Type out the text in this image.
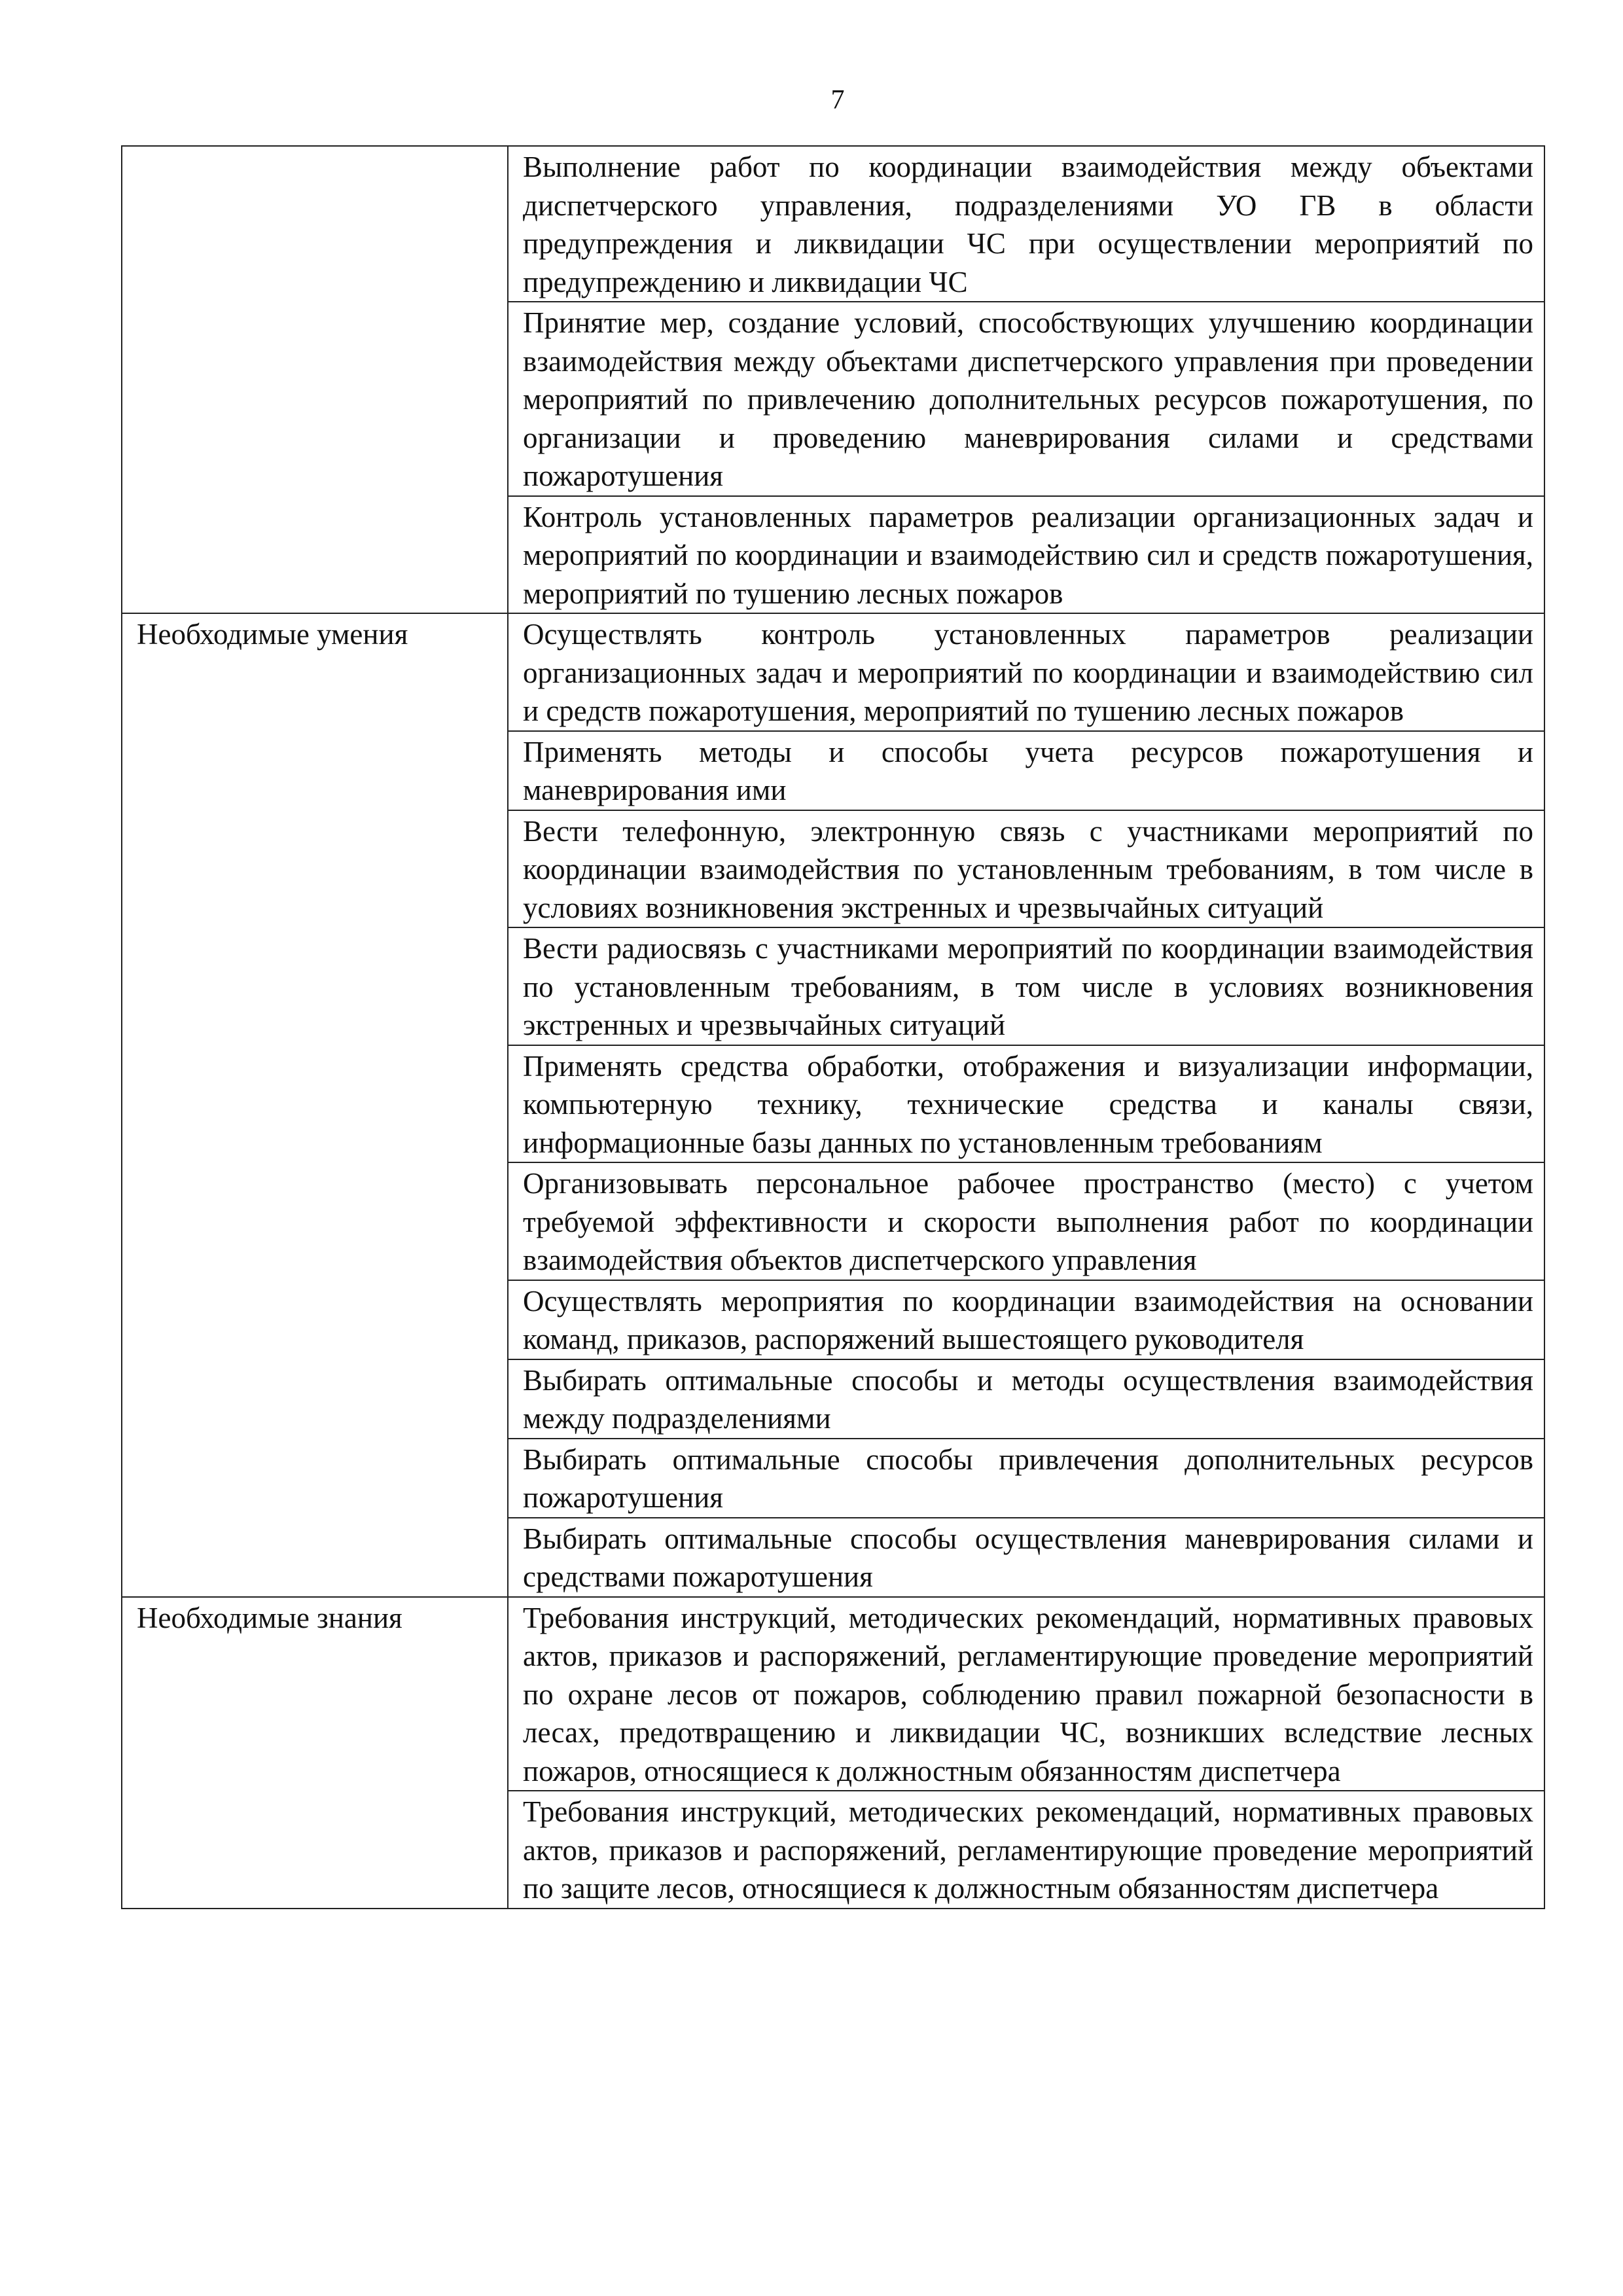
7
	Выполнение работ по координации взаимодействия между объектами диспетчерского управления, подразделениями УО ГВ в области предупреждения и ликвидации ЧС при осуществлении мероприятий по предупреждению и ликвидации ЧС
	Принятие мер, создание условий, способствующих улучшению координации взаимодействия между объектами диспетчерского управления при проведении мероприятий по привлечению дополнительных ресурсов пожаротушения, по организации и проведению маневрирования силами и средствами пожаротушения
	Контроль установленных параметров реализации организационных задач и мероприятий по координации и взаимодействию сил и средств пожаротушения, мероприятий по тушению лесных пожаров
Необходимые умения	Осуществлять контроль установленных параметров реализации организационных задач и мероприятий по координации и взаимодействию сил и средств пожаротушения, мероприятий по тушению лесных пожаров
	Применять методы и способы учета ресурсов пожаротушения и маневрирования ими
	Вести телефонную, электронную связь с участниками мероприятий по координации взаимодействия по установленным требованиям, в том числе в условиях возникновения экстренных и чрезвычайных ситуаций
	Вести радиосвязь с участниками мероприятий по координации взаимодействия по установленным требованиям, в том числе в условиях возникновения экстренных и чрезвычайных ситуаций
	Применять средства обработки, отображения и визуализации информации, компьютерную технику, технические средства и каналы связи, информационные базы данных по установленным требованиям
	Организовывать персональное рабочее пространство (место) с учетом требуемой эффективности и скорости выполнения работ по координации взаимодействия объектов диспетчерского управления
	Осуществлять мероприятия по координации взаимодействия на основании команд, приказов, распоряжений вышестоящего руководителя
	Выбирать оптимальные способы и методы осуществления взаимодействия между подразделениями
	Выбирать оптимальные способы привлечения дополнительных ресурсов пожаротушения
	Выбирать оптимальные способы осуществления маневрирования силами и средствами пожаротушения
Необходимые знания	Требования инструкций, методических рекомендаций, нормативных правовых актов, приказов и распоряжений, регламентирующие проведение мероприятий по охране лесов от пожаров, соблюдению правил пожарной безопасности в лесах, предотвращению и ликвидации ЧС, возникших вследствие лесных пожаров, относящиеся к должностным обязанностям диспетчера
	Требования инструкций, методических рекомендаций, нормативных правовых актов, приказов и распоряжений, регламентирующие проведение мероприятий по защите лесов, относящиеся к должностным обязанностям диспетчера
